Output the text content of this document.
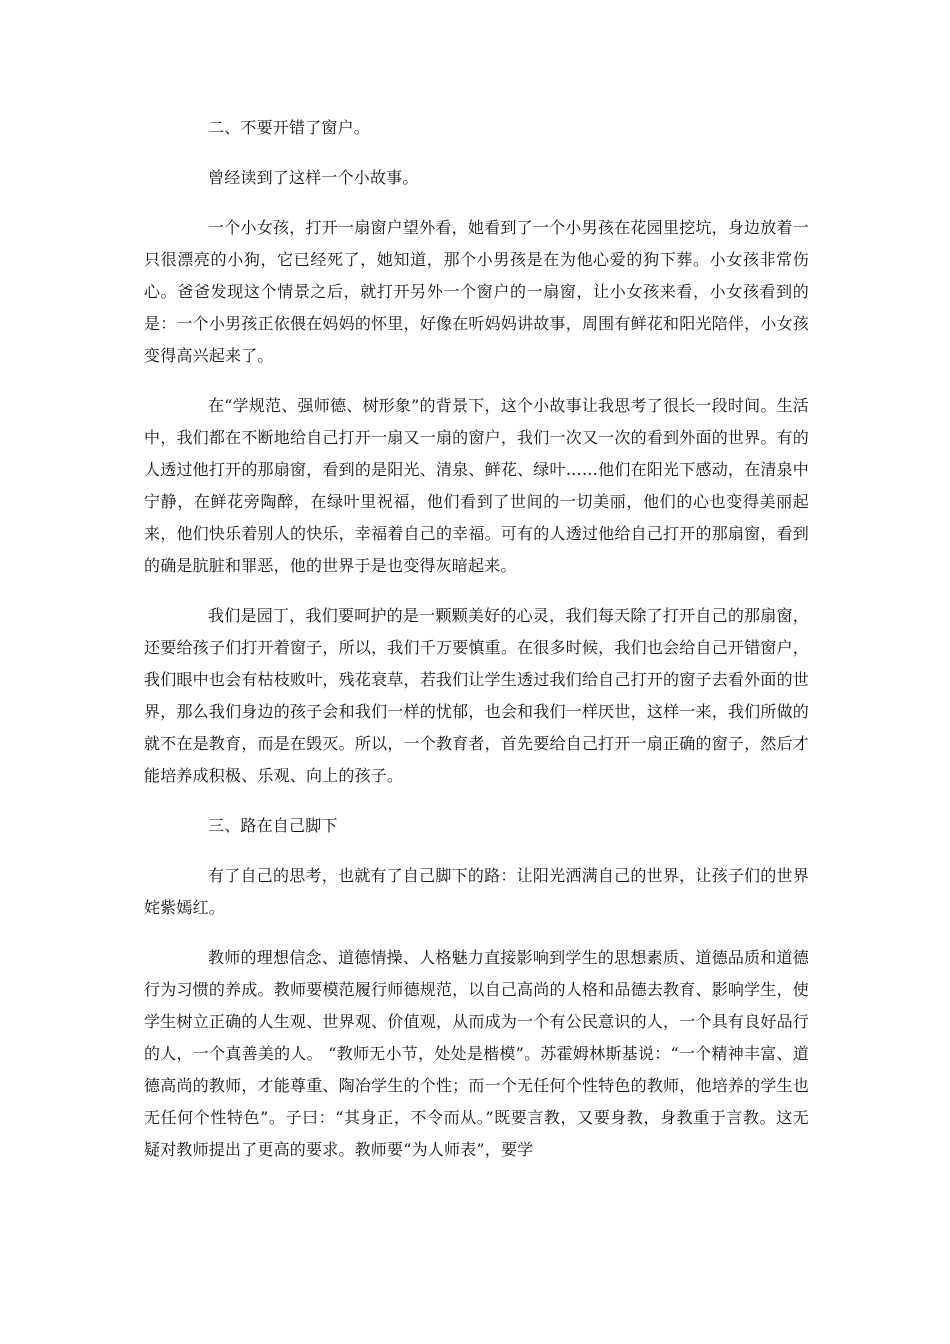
二、不要开错了窗户。

曾经读到了这样一个小故事。

一个小女孩，打开一扇窗户望外看，她看到了一个小男孩在花园里挖坑，身边放着一只很漂亮的小狗，它已经死了，她知道，那个小男孩是在为他心爱的狗下葬。小女孩非常伤心。爸爸发现这个情景之后，就打开另外一个窗户的一扇窗，让小女孩来看，小女孩看到的是：一个小男孩正依偎在妈妈的怀里，好像在听妈妈讲故事，周围有鲜花和阳光陪伴，小女孩变得高兴起来了。

在“学规范、强师德、树形象”的背景下，这个小故事让我思考了很长一段时间。生活中，我们都在不断地给自己打开一扇又一扇的窗户，我们一次又一次的看到外面的世界。有的人透过他打开的那扇窗，看到的是阳光、清泉、鲜花、绿叶……他们在阳光下感动，在清泉中宁静，在鲜花旁陶醉，在绿叶里祝福，他们看到了世间的一切美丽，他们的心也变得美丽起来，他们快乐着别人的快乐，幸福着自己的幸福。可有的人透过他给自己打开的那扇窗，看到的确是肮脏和罪恶，他的世界于是也变得灰暗起来。

我们是园丁，我们要呵护的是一颗颗美好的心灵，我们每天除了打开自己的那扇窗，还要给孩子们打开着窗子，所以，我们千万要慎重。在很多时候，我们也会给自己开错窗户，我们眼中也会有枯枝败叶，残花衰草，若我们让学生透过我们给自己打开的窗子去看外面的世界，那么我们身边的孩子会和我们一样的忧郁，也会和我们一样厌世，这样一来，我们所做的就不在是教育，而是在毁灭。所以，一个教育者，首先要给自己打开一扇正确的窗子，然后才能培养成积极、乐观、向上的孩子。

三、路在自己脚下

有了自己的思考，也就有了自己脚下的路：让阳光洒满自己的世界，让孩子们的世界姹紫嫣红。

教师的理想信念、道德情操、人格魅力直接影响到学生的思想素质、道德品质和道德行为习惯的养成。教师要模范履行师德规范，以自己高尚的人格和品德去教育、影响学生，使学生树立正确的人生观、世界观、价值观，从而成为一个有公民意识的人，一个具有良好品行的人，一个真善美的人。 “教师无小节，处处是楷模”。苏霍姆林斯基说：“一个精神丰富、道德高尚的教师，才能尊重、陶冶学生的个性；而一个无任何个性特色的教师，他培养的学生也无任何个性特色”。子曰：“其身正，不令而从。”既要言教，又要身教，身教重于言教。这无疑对教师提出了更高的要求。教师要“为人师表”，要学
